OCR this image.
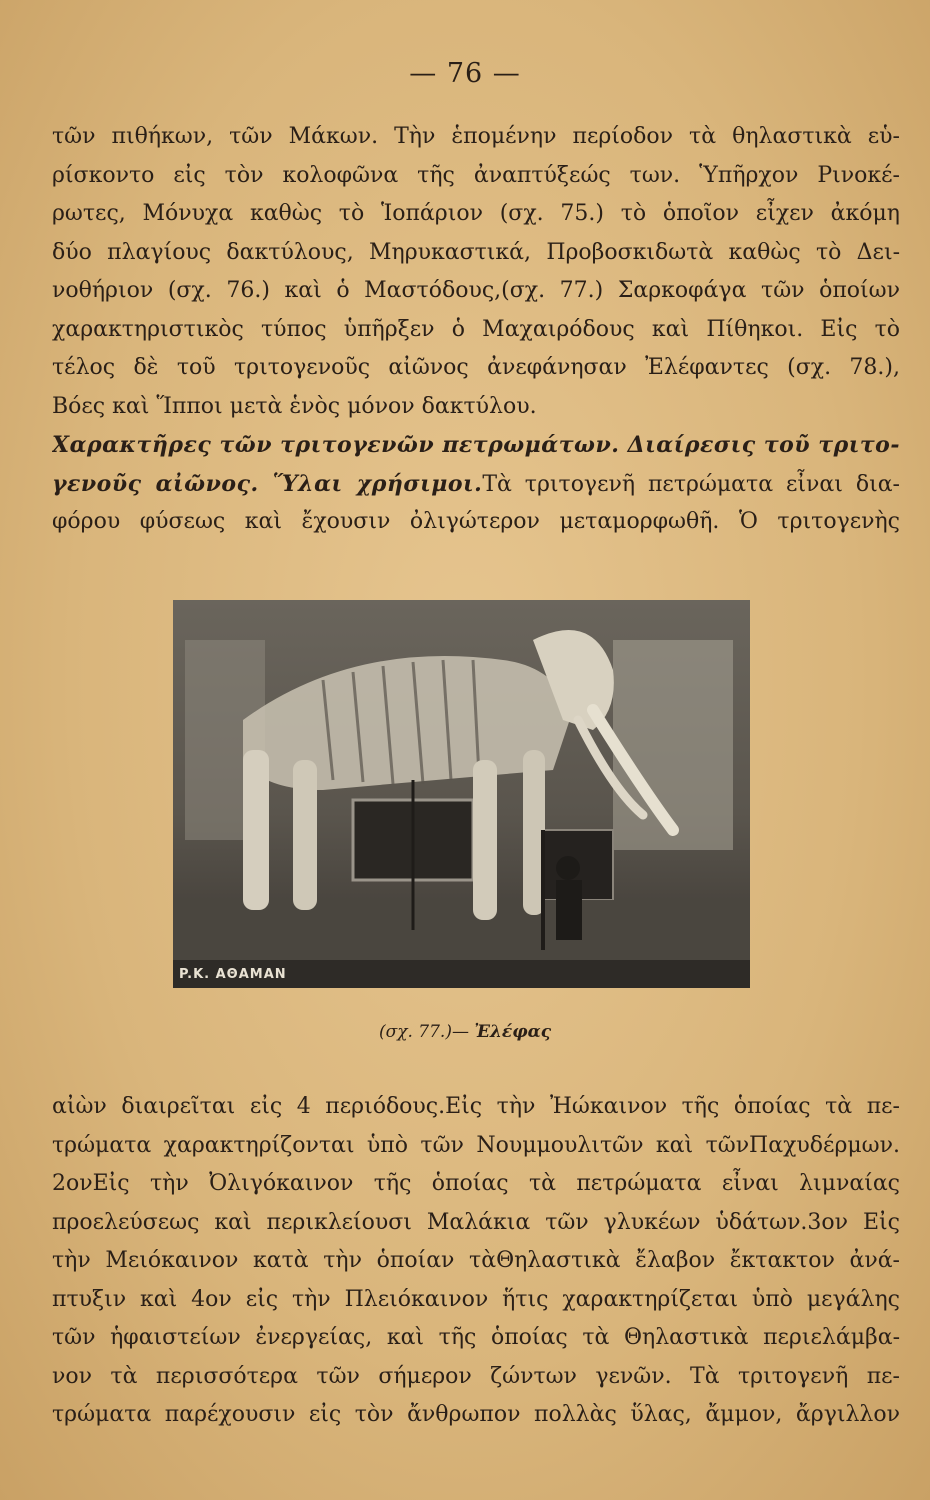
— 76 —
τῶν πιθήκων, τῶν Μάκων. Τὴν ἑπομένην περίοδον τὰ θηλαστικὰ εὑ-
ρίσκοντο εἰς τὸν κολοφῶνα τῆς ἀναπτύξεώς των. Ὑπῆρχον Ρινοκέ-
ρωτες, Μόνυχα καθὼς τὸ Ἱοπάριον (σχ. 75.) τὸ ὁποῖον εἶχεν ἀκόμη
δύο πλαγίους δακτύλους, Μηρυκαστικά, Προβοσκιδωτὰ καθὼς τὸ Δει-
νοθήριον (σχ. 76.) καὶ ὁ Μαστόδους,(σχ. 77.) Σαρκοφάγα τῶν ὁποίων
χαρακτηριστικὸς τύπος ὑπῆρξεν ὁ Μαχαιρόδους καὶ Πίθηκοι. Εἰς τὸ
τέλος δὲ τοῦ τριτογενοῦς αἰῶνος ἀνεφάνησαν Ἐλέφαντες (σχ. 78.),
Βόες καὶ Ἵπποι μετὰ ἑνὸς μόνον δακτύλου.
Χαρακτῆρες τῶν τριτογενῶν πετρωμάτων. Διαίρεσις τοῦ τριτο-
γενοῦς αἰῶνος. Ὕλαι χρήσιμοι.Τὰ τριτογενῆ πετρώματα εἶναι δια-
φόρου φύσεως καὶ ἔχουσιν ὀλιγώτερον μεταμορφωθῆ. Ὁ τριτογενὴς
P.K. ΑΘΑΜΑΝ
(σχ. 77.)— Ἐλέφας
αἰὼν διαιρεῖται εἰς 4 περιόδους.Εἰς τὴν Ἠώκαινον τῆς ὁποίας τὰ πε-
τρώματα χαρακτηρίζονται ὑπὸ τῶν Νουμμουλιτῶν καὶ τῶνΠαχυδέρμων.
2ονΕἰς τὴν Ὀλιγόκαινον τῆς ὁποίας τὰ πετρώματα εἶναι λιμναίας
προελεύσεως καὶ περικλείουσι Μαλάκια τῶν γλυκέων ὑδάτων.3ον Εἰς
τὴν Μειόκαινον κατὰ τὴν ὁποίαν τὰΘηλαστικὰ ἔλαβον ἔκτακτον ἀνά-
πτυξιν καὶ 4ον εἰς τὴν Πλειόκαινον ἥτις χαρακτηρίζεται ὑπὸ μεγάλης
τῶν ἡφαιστείων ἐνεργείας, καὶ τῆς ὁποίας τὰ Θηλαστικὰ περιελάμβα-
νον τὰ περισσότερα τῶν σήμερον ζώντων γενῶν. Τὰ τριτογενῆ πε-
τρώματα παρέχουσιν εἰς τὸν ἄνθρωπον πολλὰς ὕλας, ἄμμον, ἄργιλλον
